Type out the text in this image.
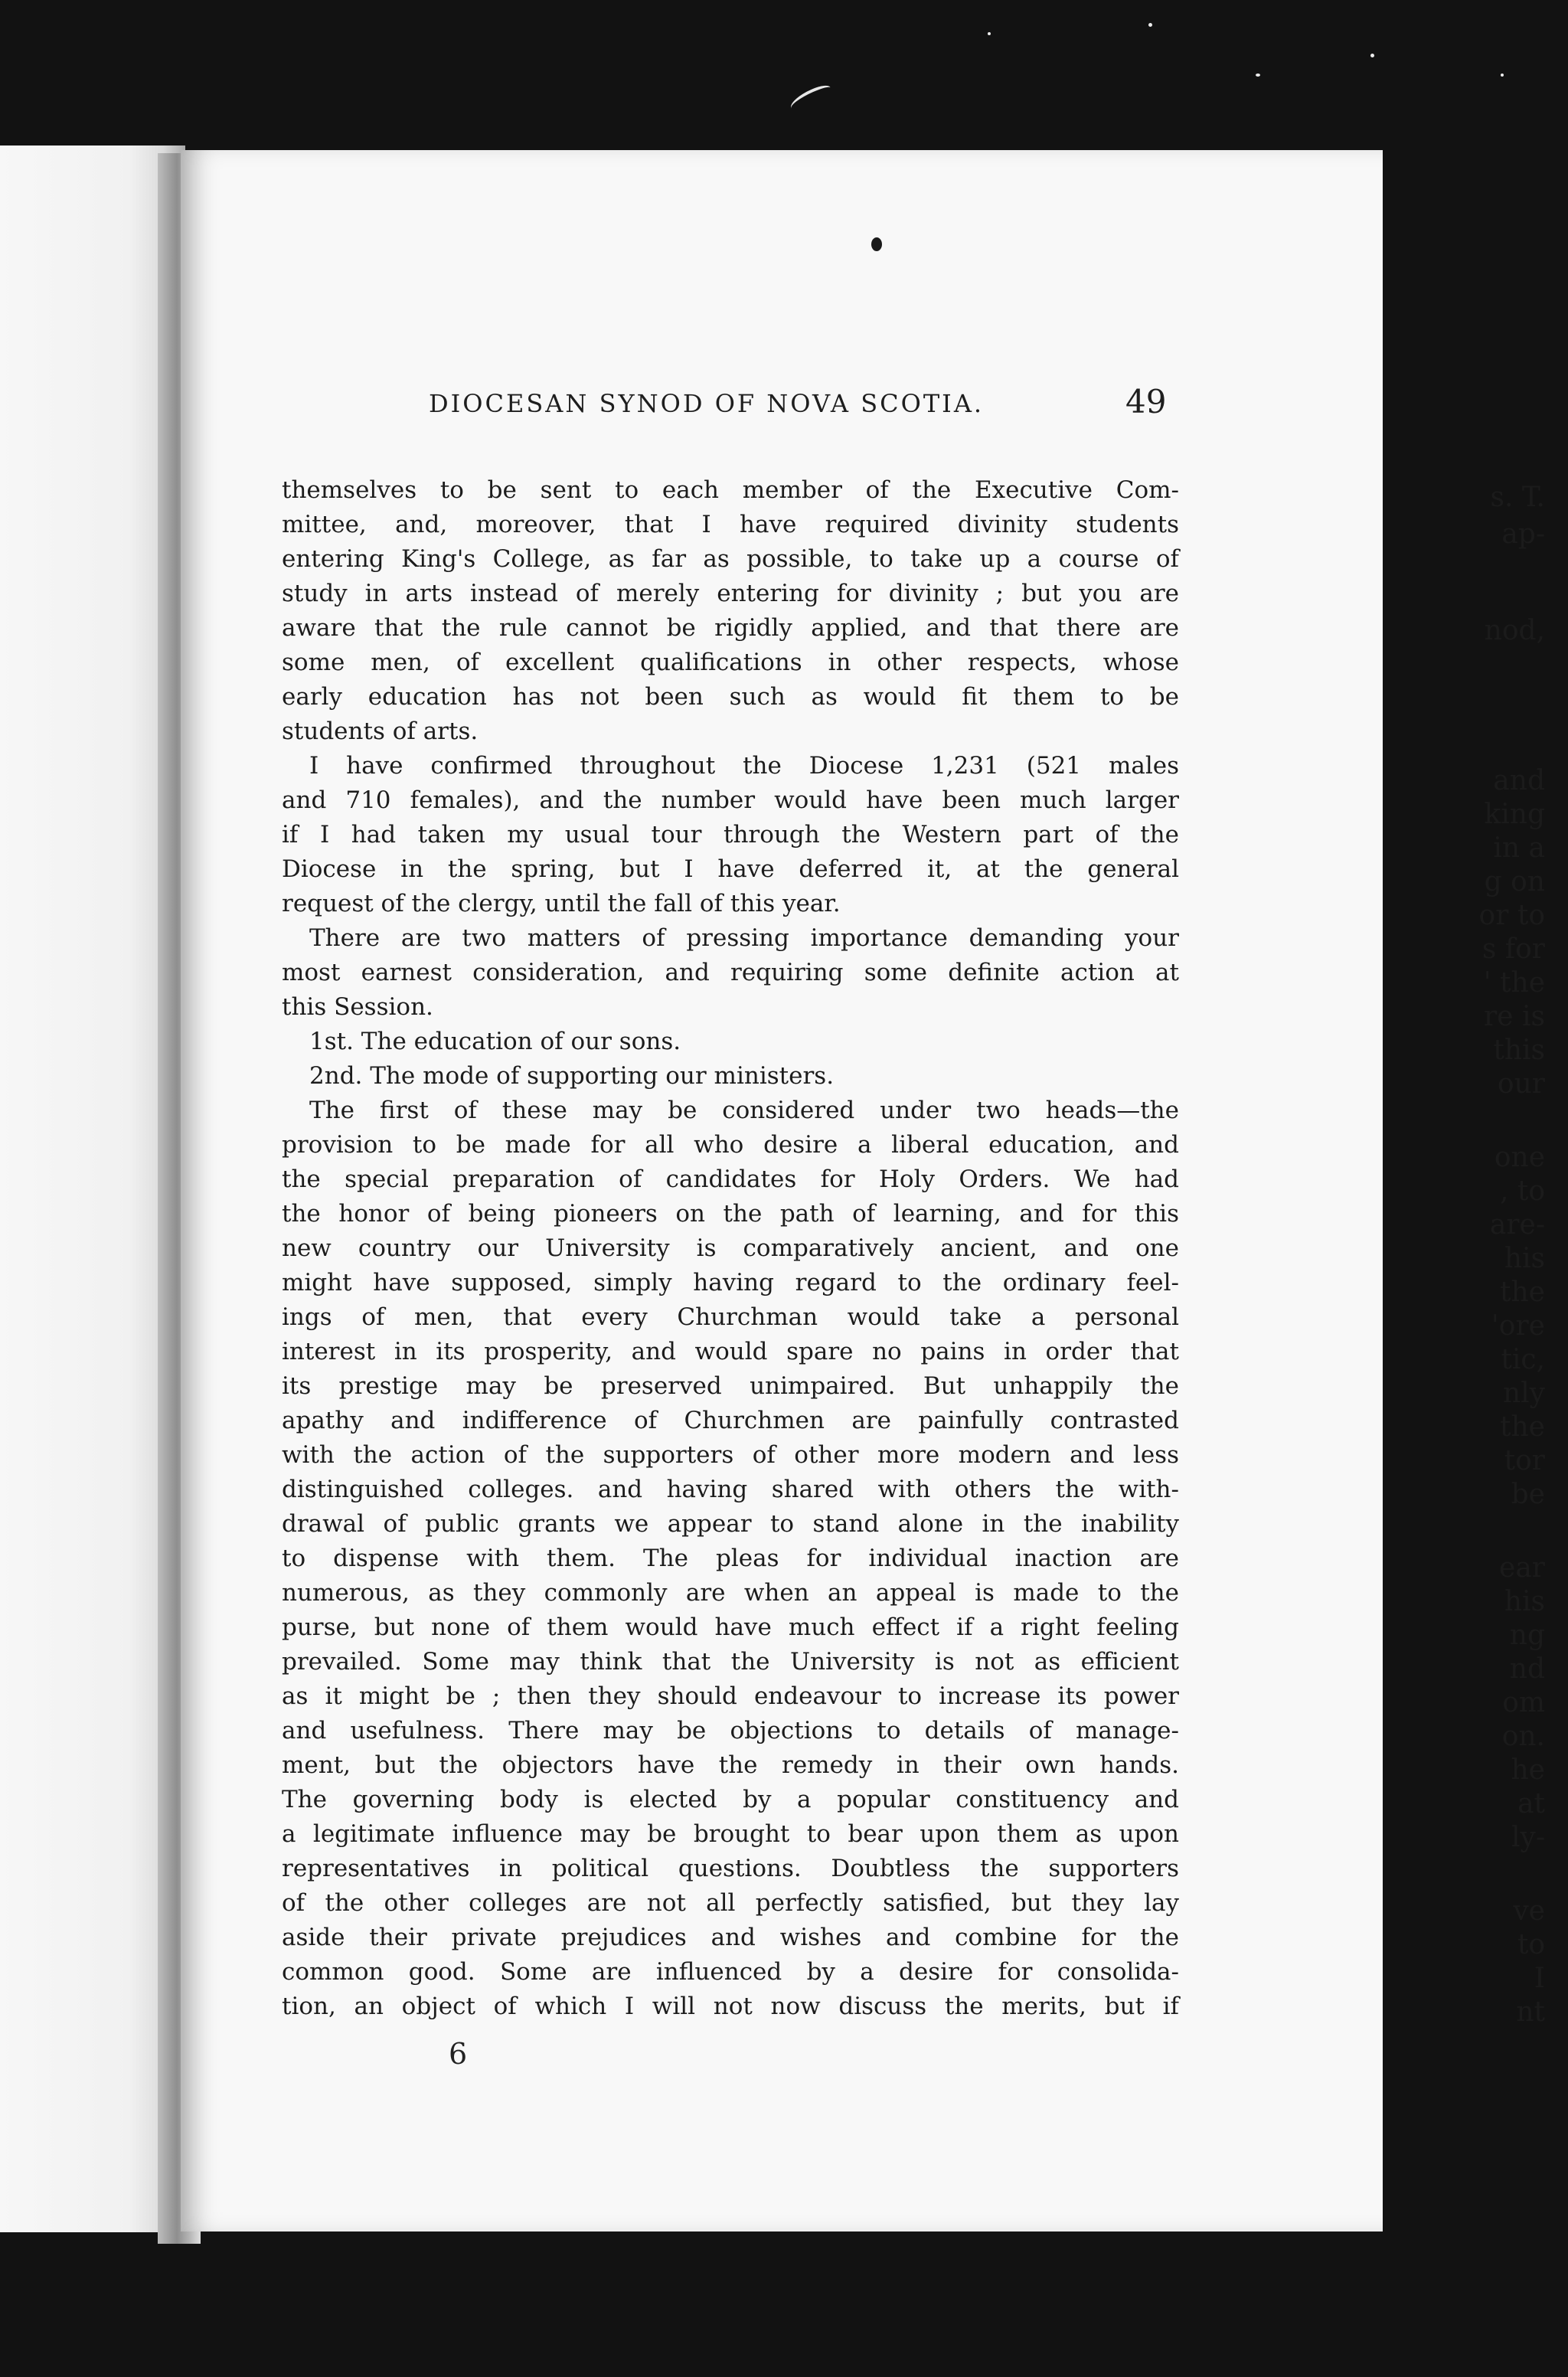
DIOCESAN SYNOD OF NOVA SCOTIA.	49

themselves to be sent to each member of the Executive Com-

mittee, and, moreover, that I have required divinity students

entering King's College, as far as possible, to take up a course of

study in arts instead of merely entering for divinity ; but you are

aware that the rule cannot be rigidly applied, and that there are

some men, of excellent qualifications in other respects, whose

early education has not been such as would fit them to be

students of arts.

I have confirmed throughout the Diocese 1,231 (521 males

and 710 females), and the number would have been much larger

if I had taken my usual tour through the Western part of the

Diocese in the spring, but I have deferred it, at the general

request of the clergy, until the fall of this year.

There are two matters of pressing importance demanding your

most earnest consideration, and requiring some definite action at

this Session.

1st. The education of our sons.

2nd. The mode of supporting our ministers.

The first of these may be considered under two heads—the

provision to be made for all who desire a liberal education, and

the special preparation of candidates for Holy Orders. We had

the honor of being pioneers on the path of learning, and for this

new country our University is comparatively ancient, and one

might have supposed, simply having regard to the ordinary feel-

ings of men, that every Churchman would take a personal

interest in its prosperity, and would spare no pains in order that

its prestige may be preserved unimpaired. But unhappily the

apathy and indifference of Churchmen are painfully contrasted

with the action of the supporters of other more modern and less

distinguished colleges. and having shared with others the with-

drawal of public grants we appear to stand alone in the inability

to dispense with them. The pleas for individual inaction are

numerous, as they commonly are when an appeal is made to the

purse, but none of them would have much effect if a right feeling

prevailed. Some may think that the University is not as efficient

as it might be ; then they should endeavour to increase its power

and usefulness. There may be objections to details of manage-

ment, but the objectors have the remedy in their own hands.

The governing body is elected by a popular constituency and

a legitimate influence may be brought to bear upon them as upon

representatives in political questions. Doubtless the supporters

of the other colleges are not all perfectly satisfied, but they lay

aside their private prejudices and wishes and combine for the

common good. Some are influenced by a desire for consolida-

tion, an object of which I will not now discuss the merits, but if

6

s. T.

ap-

nod,

and

king

in a

g on

or to

s for

' the

re is

this

our

one

, to

are-

his

the

'ore

tic,

nly

the

tor

be

ear

his

ng

nd

om

on.

he

at

ly-

ve

to

I

nt
